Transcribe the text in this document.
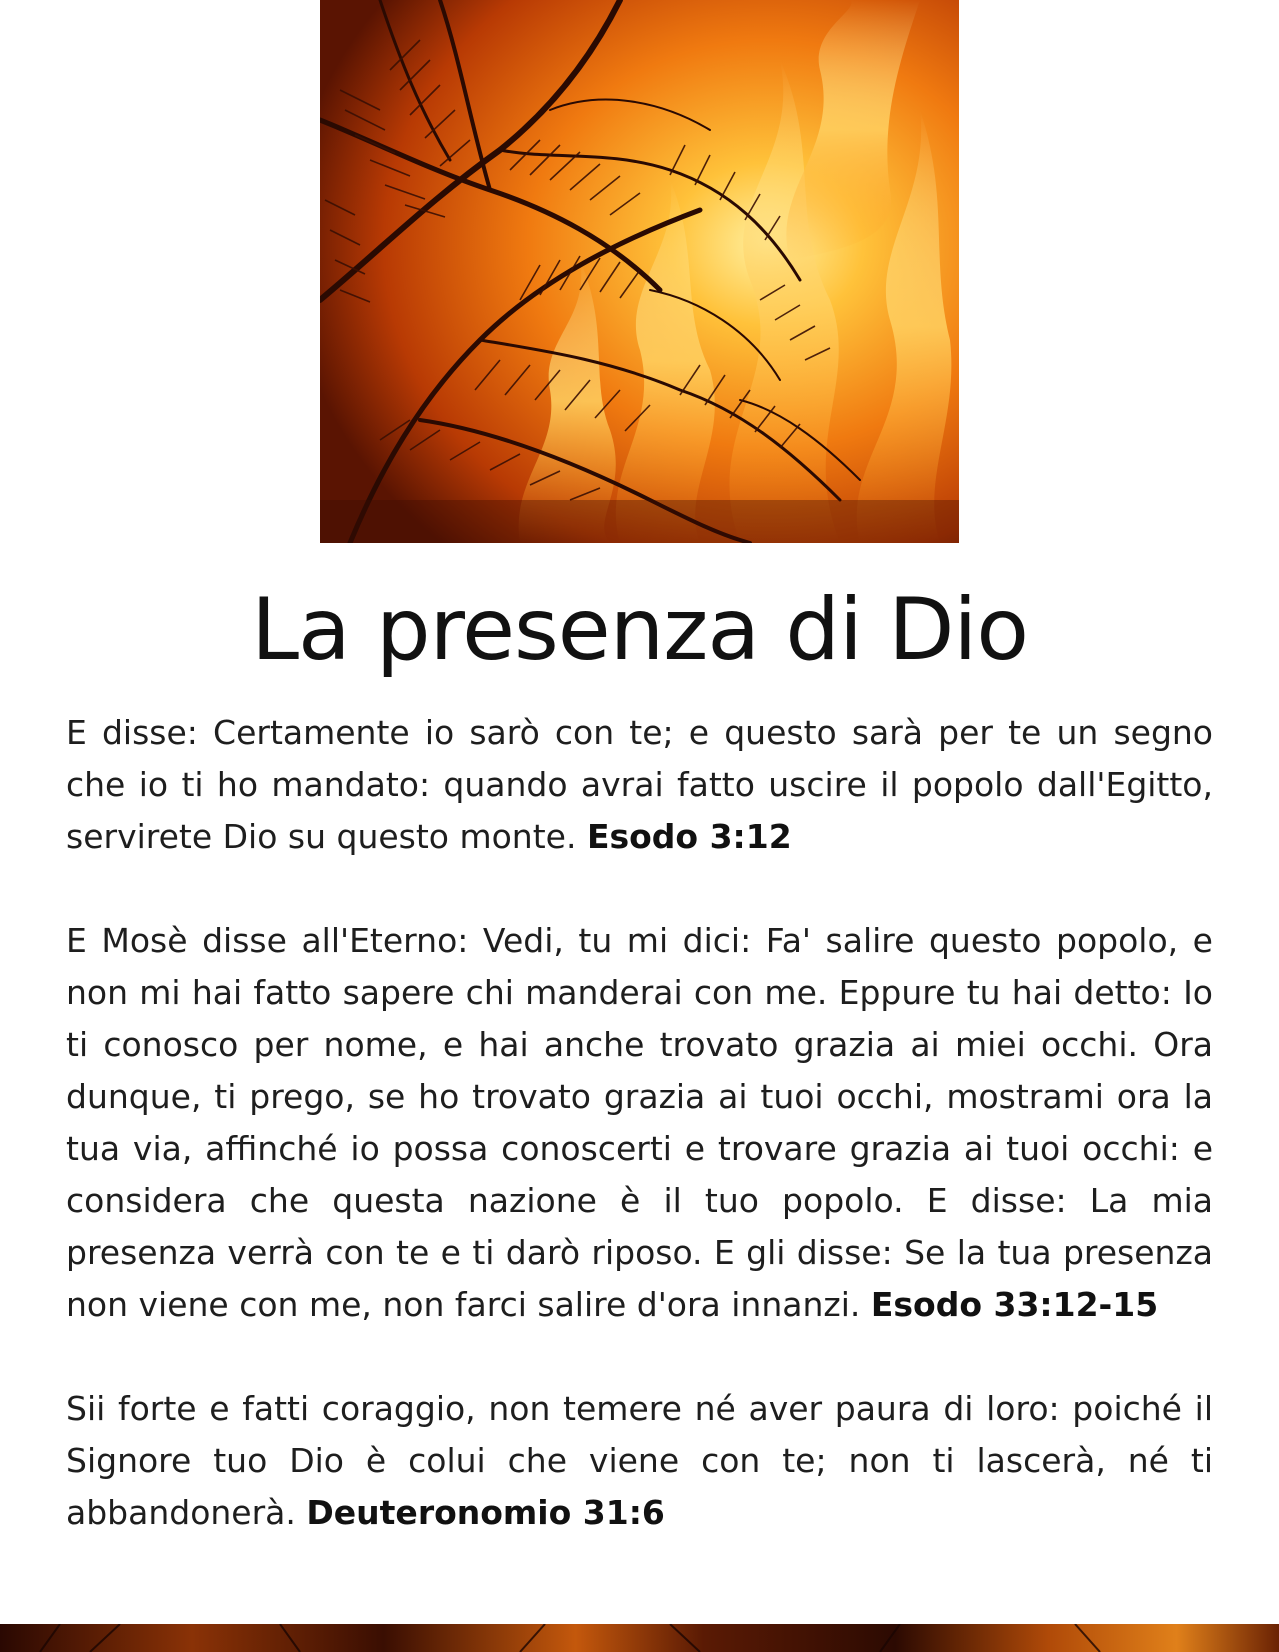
La presenza di Dio

E disse: Certamente io sarò con te; e questo sarà per te un segno che io ti ho mandato: quando avrai fatto uscire il popolo dall'Egitto, servirete Dio su questo monte. Esodo 3:12

E Mosè disse all'Eterno: Vedi, tu mi dici: Fa' salire questo popolo, e non mi hai fatto sapere chi manderai con me. Eppure tu hai detto: Io ti conosco per nome, e hai anche trovato grazia ai miei occhi. Ora dunque, ti prego, se ho trovato grazia ai tuoi occhi, mostrami ora la tua via, affinché io possa conoscerti e trovare grazia ai tuoi occhi: e considera che questa nazione è il tuo popolo. E disse: La mia presenza verrà con te e ti darò riposo. E gli disse: Se la tua presenza non viene con me, non farci salire d'ora innanzi. Esodo 33:12-15

Sii forte e fatti coraggio, non temere né aver paura di loro: poiché il Signore tuo Dio è colui che viene con te; non ti lascerà, né ti abbandonerà. Deuteronomio 31:6
